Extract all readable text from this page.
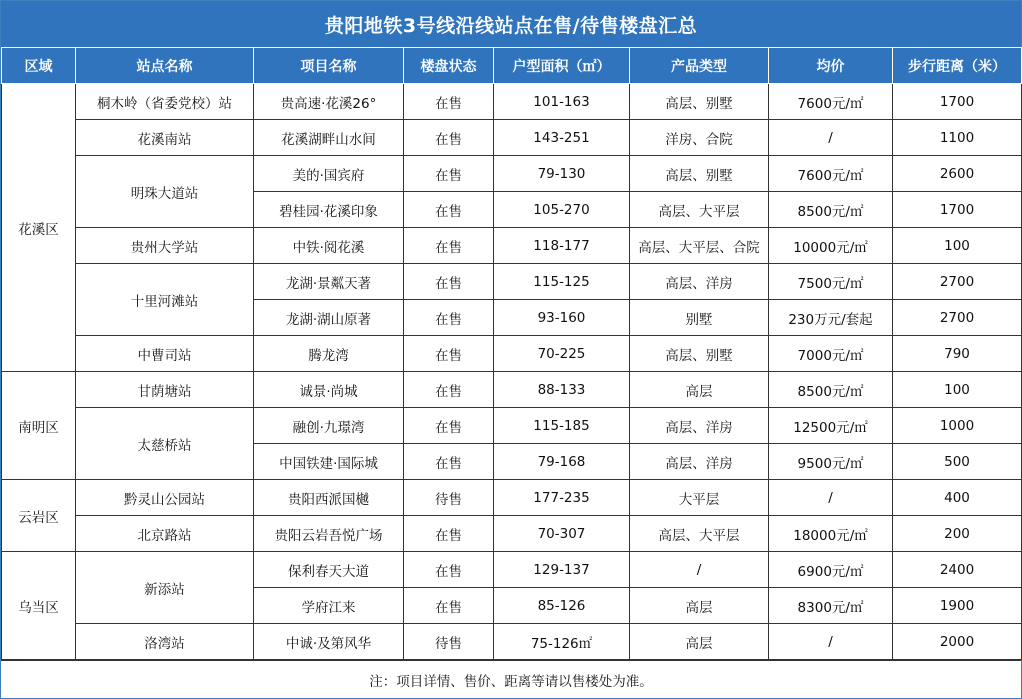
贵阳地铁3号线沿线站点在售/待售楼盘汇总
区域	站点名称	项目名称	楼盘状态	户型面积（㎡）	产品类型	均价	步行距离（米）
花溪区	桐木岭（省委党校）站	贵高速·花溪26°	在售	101-163	高层、别墅	7600元/㎡	1700
	花溪南站	花溪湖畔山水间	在售	143-251	洋房、合院	/	1100
	明珠大道站	美的·国宾府	在售	79-130	高层、别墅	7600元/㎡	2600
		碧桂园·花溪印象	在售	105-270	高层、大平层	8500元/㎡	1700
	贵州大学站	中铁·阅花溪	在售	118-177	高层、大平层、合院	10000元/㎡	100
	十里河滩站	龙湖·景粼天著	在售	115-125	高层、洋房	7500元/㎡	2700
		龙湖·湖山原著	在售	93-160	别墅	230万元/套起	2700
	中曹司站	腾龙湾	在售	70-225	高层、别墅	7000元/㎡	790
南明区	甘荫塘站	诚景·尚城	在售	88-133	高层	8500元/㎡	100
	太慈桥站	融创·九璟湾	在售	115-185	高层、洋房	12500元/㎡	1000
		中国铁建·国际城	在售	79-168	高层、洋房	9500元/㎡	500
云岩区	黔灵山公园站	贵阳西派国樾	待售	177-235	大平层	/	400
	北京路站	贵阳云岩吾悦广场	在售	70-307	高层、大平层	18000元/㎡	200
乌当区	新添站	保利春天大道	在售	129-137	/	6900元/㎡	2400
		学府江来	在售	85-126	高层	8300元/㎡	1900
	洛湾站	中诚·及第风华	待售	75-126㎡	高层	/	2000
注：项目详情、售价、距离等请以售楼处为准。
